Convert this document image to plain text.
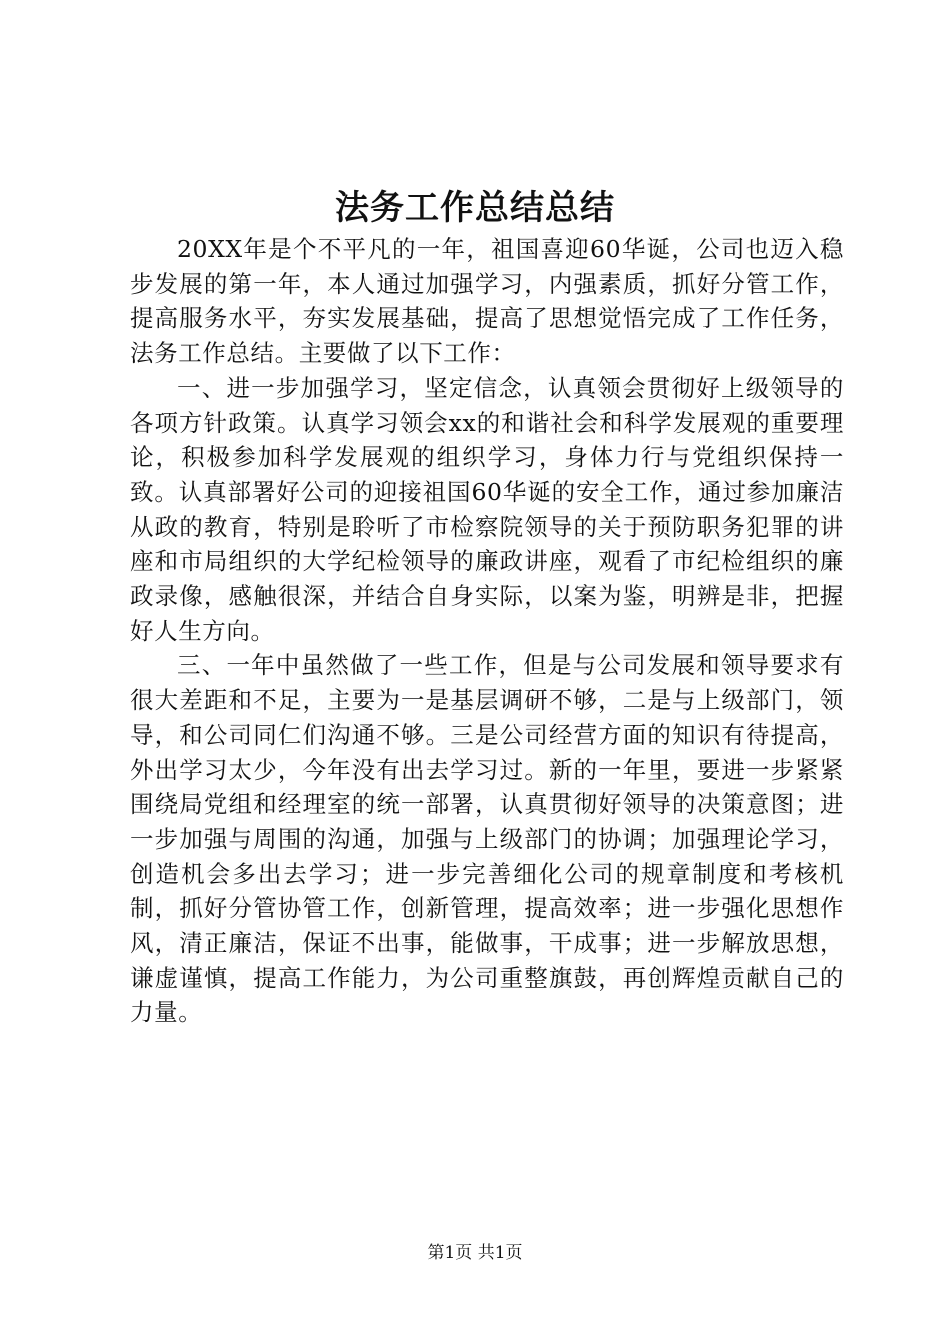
法务工作总结总结

20XX年是个不平凡的一年，祖国喜迎60华诞，公司也迈入稳步发展的第一年，本人通过加强学习，内强素质，抓好分管工作，提高服务水平，夯实发展基础，提高了思想觉悟完成了工作任务，法务工作总结。主要做了以下工作：

一、进一步加强学习，坚定信念，认真领会贯彻好上级领导的各项方针政策。认真学习领会xx的和谐社会和科学发展观的重要理论，积极参加科学发展观的组织学习，身体力行与党组织保持一致。认真部署好公司的迎接祖国60华诞的安全工作，通过参加廉洁从政的教育，特别是聆听了市检察院领导的关于预防职务犯罪的讲座和市局组织的大学纪检领导的廉政讲座，观看了市纪检组织的廉政录像，感触很深，并结合自身实际，以案为鉴，明辨是非，把握好人生方向。

三、一年中虽然做了一些工作，但是与公司发展和领导要求有很大差距和不足，主要为一是基层调研不够，二是与上级部门，领导，和公司同仁们沟通不够。三是公司经营方面的知识有待提高，外出学习太少，今年没有出去学习过。新的一年里，要进一步紧紧围绕局党组和经理室的统一部署，认真贯彻好领导的决策意图；进一步加强与周围的沟通，加强与上级部门的协调；加强理论学习，创造机会多出去学习；进一步完善细化公司的规章制度和考核机制，抓好分管协管工作，创新管理，提高效率；进一步强化思想作风，清正廉洁，保证不出事，能做事，干成事；进一步解放思想，谦虚谨慎，提高工作能力，为公司重整旗鼓，再创辉煌贡献自己的力量。

第1页 共1页
